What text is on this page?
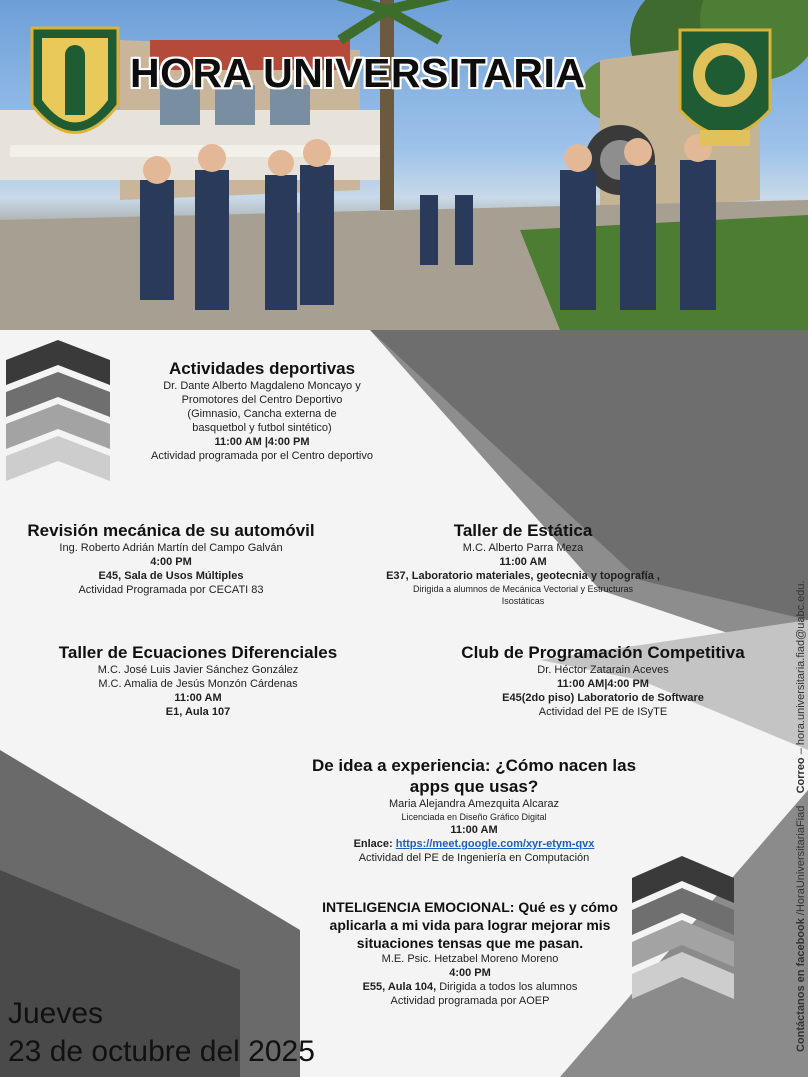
HORA UNIVERSITARIA
Actividades deportivas
Dr. Dante Alberto Magdaleno Moncayo y
Promotores del Centro Deportivo
(Gimnasio, Cancha externa de
basquetbol y futbol sintético)
11:00 AM |4:00 PM
Actividad programada por el Centro deportivo
Revisión mecánica de su automóvil
Ing. Roberto Adrián Martín del Campo Galván
4:00 PM
E45, Sala de Usos Múltiples
Actividad Programada por CECATI 83
Taller de Estática
M.C. Alberto Parra Meza
11:00 AM
E37, Laboratorio materiales, geotecnia y topografía ,
Dirigida a alumnos de Mecánica Vectorial y Estructuras Isostáticas
Taller de Ecuaciones Diferenciales
M.C. José Luis Javier Sánchez González
M.C. Amalia de Jesús Monzón Cárdenas
11:00 AM
E1, Aula 107
Club de Programación Competitiva
Dr. Héctor Zatarain Aceves
11:00 AM|4:00 PM
E45(2do piso) Laboratorio de Software
Actividad del PE de ISyTE
De idea a experiencia: ¿Cómo nacen las apps que usas?
Maria Alejandra Amezquita Alcaraz
Licenciada en Diseño Gráfico Digital
11:00 AM
Enlace: https://meet.google.com/xyr-etym-qvx
Actividad del PE de Ingeniería en Computación
INTELIGENCIA EMOCIONAL: Qué es y cómo aplicarla a mi vida para lograr mejorar mis situaciones tensas que me pasan.
M.E. Psic. Hetzabel Moreno Moreno
4:00 PM
E55, Aula 104, Dirigida a todos los alumnos
Actividad programada por AOEP
Jueves
23 de octubre del 2025	Contáctanos en facebook /HoraUniversitariaFiad    Correo – hora.universitaria.fiad@uabc.edu.
